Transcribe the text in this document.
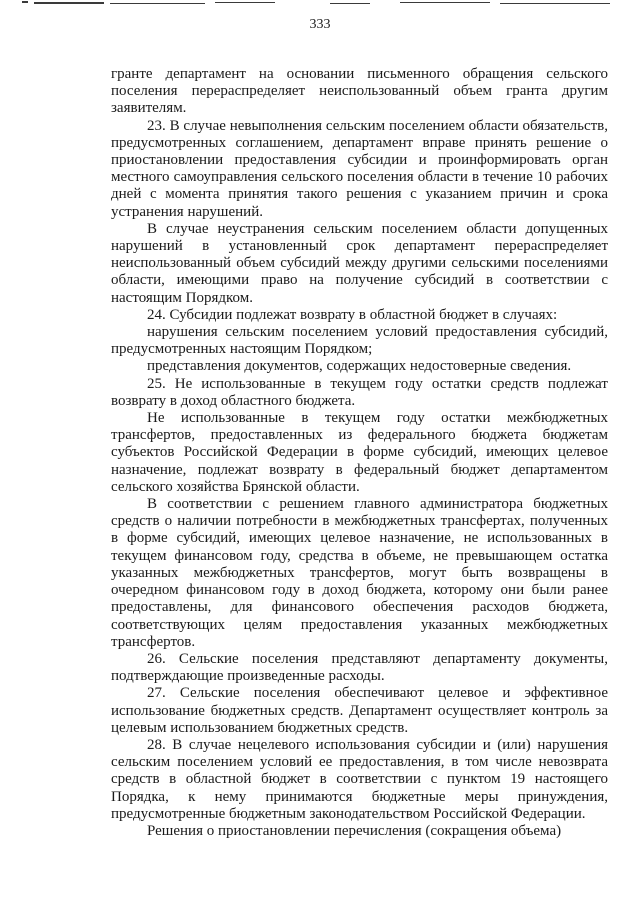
333

гранте департамент на основании письменного обращения сельского поселения перераспределяет неиспользованный объем гранта другим заявителям.

23. В случае невыполнения сельским поселением области обязательств, предусмотренных соглашением, департамент вправе принять решение о приостановлении предоставления субсидии и проинформировать орган местного самоуправления сельского поселения области в течение 10 рабочих дней с момента принятия такого решения с указанием причин и срока устранения нарушений.

В случае неустранения сельским поселением области допущенных нарушений в установленный срок департамент перераспределяет неиспользованный объем субсидий между другими сельскими поселениями области, имеющими право на получение субсидий в соответствии с настоящим Порядком.

24. Субсидии подлежат возврату в областной бюджет в случаях:

нарушения сельским поселением условий предоставления субсидий, предусмотренных настоящим Порядком;

представления документов, содержащих недостоверные сведения.

25. Не использованные в текущем году остатки средств подлежат возврату в доход областного бюджета.

Не использованные в текущем году остатки межбюджетных трансфертов, предоставленных из федерального бюджета бюджетам субъектов Российской Федерации в форме субсидий, имеющих целевое назначение, подлежат возврату в федеральный бюджет департаментом сельского хозяйства Брянской области.

В соответствии с решением главного администратора бюджетных средств о наличии потребности в межбюджетных трансфертах, полученных в форме субсидий, имеющих целевое назначение, не использованных в текущем финансовом году, средства в объеме, не превышающем остатка указанных межбюджетных трансфертов, могут быть возвращены в очередном финансовом году в доход бюджета, которому они были ранее предоставлены, для финансового обеспечения расходов бюджета, соответствующих целям предоставления указанных межбюджетных трансфертов.

26. Сельские поселения представляют департаменту документы, подтверждающие произведенные расходы.

27. Сельские поселения обеспечивают целевое и эффективное использование бюджетных средств. Департамент осуществляет контроль за целевым использованием бюджетных средств.

28. В случае нецелевого использования субсидии и (или) нарушения сельским поселением условий ее предоставления, в том числе невозврата средств в областной бюджет в соответствии с пунктом 19 настоящего Порядка, к нему принимаются бюджетные меры принуждения, предусмотренные бюджетным законодательством Российской Федерации.

Решения о приостановлении перечисления (сокращения объема)
